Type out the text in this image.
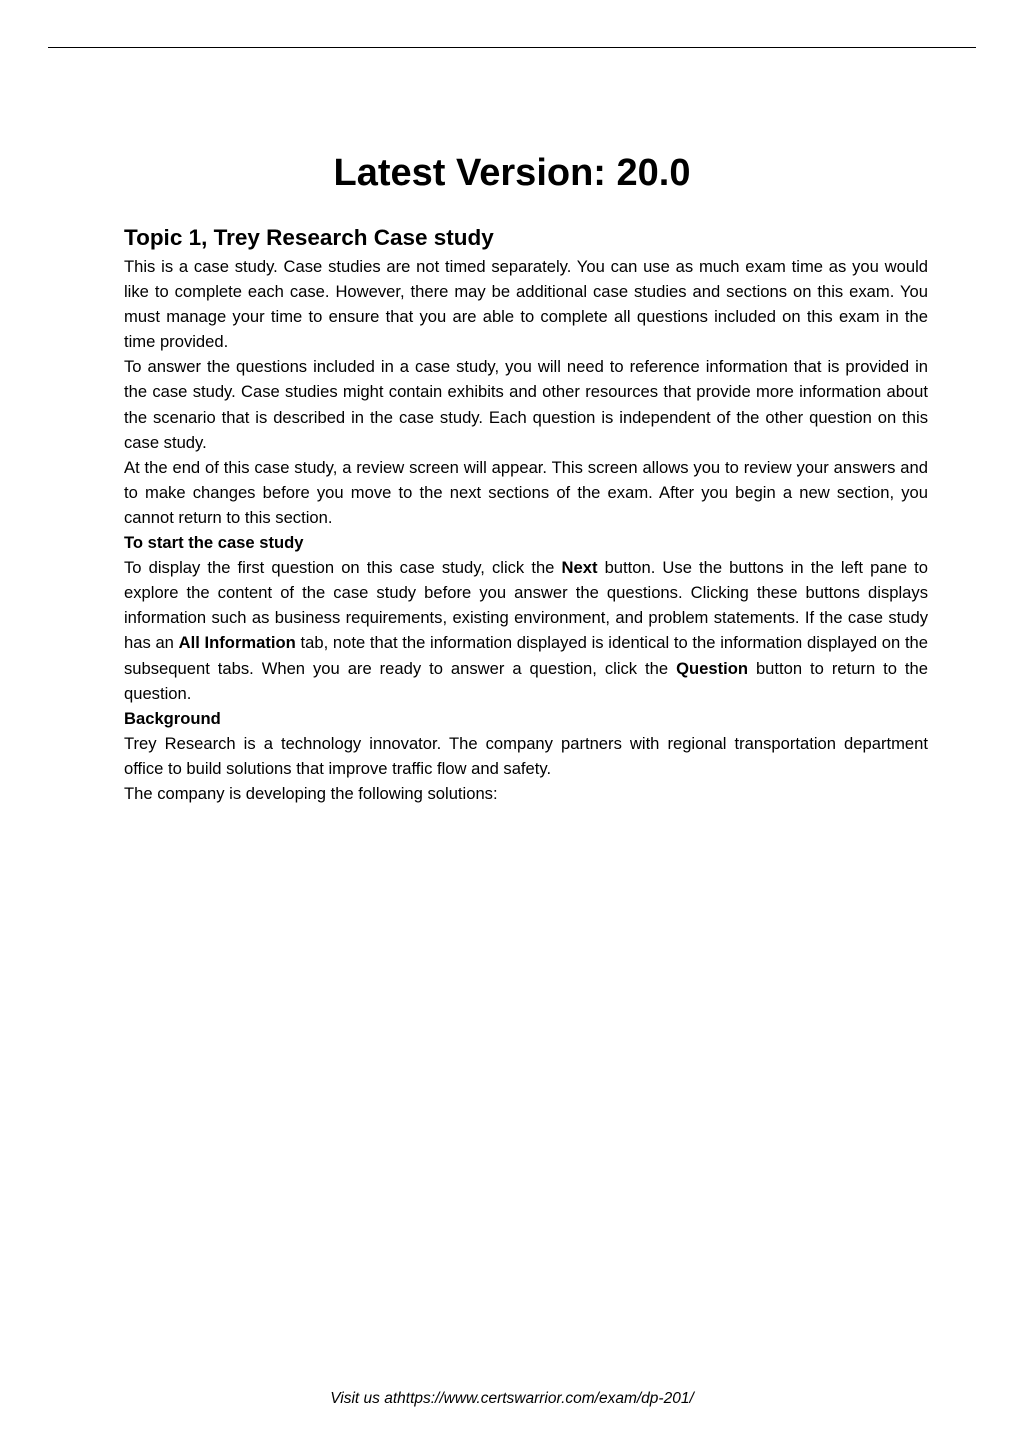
Latest Version: 20.0
Topic 1, Trey Research Case study

This is a case study. Case studies are not timed separately. You can use as much exam time as you would like to complete each case. However, there may be additional case studies and sections on this exam. You must manage your time to ensure that you are able to complete all questions included on this exam in the time provided.

To answer the questions included in a case study, you will need to reference information that is provided in the case study. Case studies might contain exhibits and other resources that provide more information about the scenario that is described in the case study. Each question is independent of the other question on this case study.

At the end of this case study, a review screen will appear. This screen allows you to review your answers and to make changes before you move to the next sections of the exam. After you begin a new section, you cannot return to this section.

To start the case study

To display the first question on this case study, click the Next button. Use the buttons in the left pane to explore the content of the case study before you answer the questions. Clicking these buttons displays information such as business requirements, existing environment, and problem statements. If the case study has an All Information tab, note that the information displayed is identical to the information displayed on the subsequent tabs. When you are ready to answer a question, click the Question button to return to the question.

Background

Trey Research is a technology innovator. The company partners with regional transportation department office to build solutions that improve traffic flow and safety.

The company is developing the following solutions:

Visit us athttps://www.certswarrior.com/exam/dp-201/
